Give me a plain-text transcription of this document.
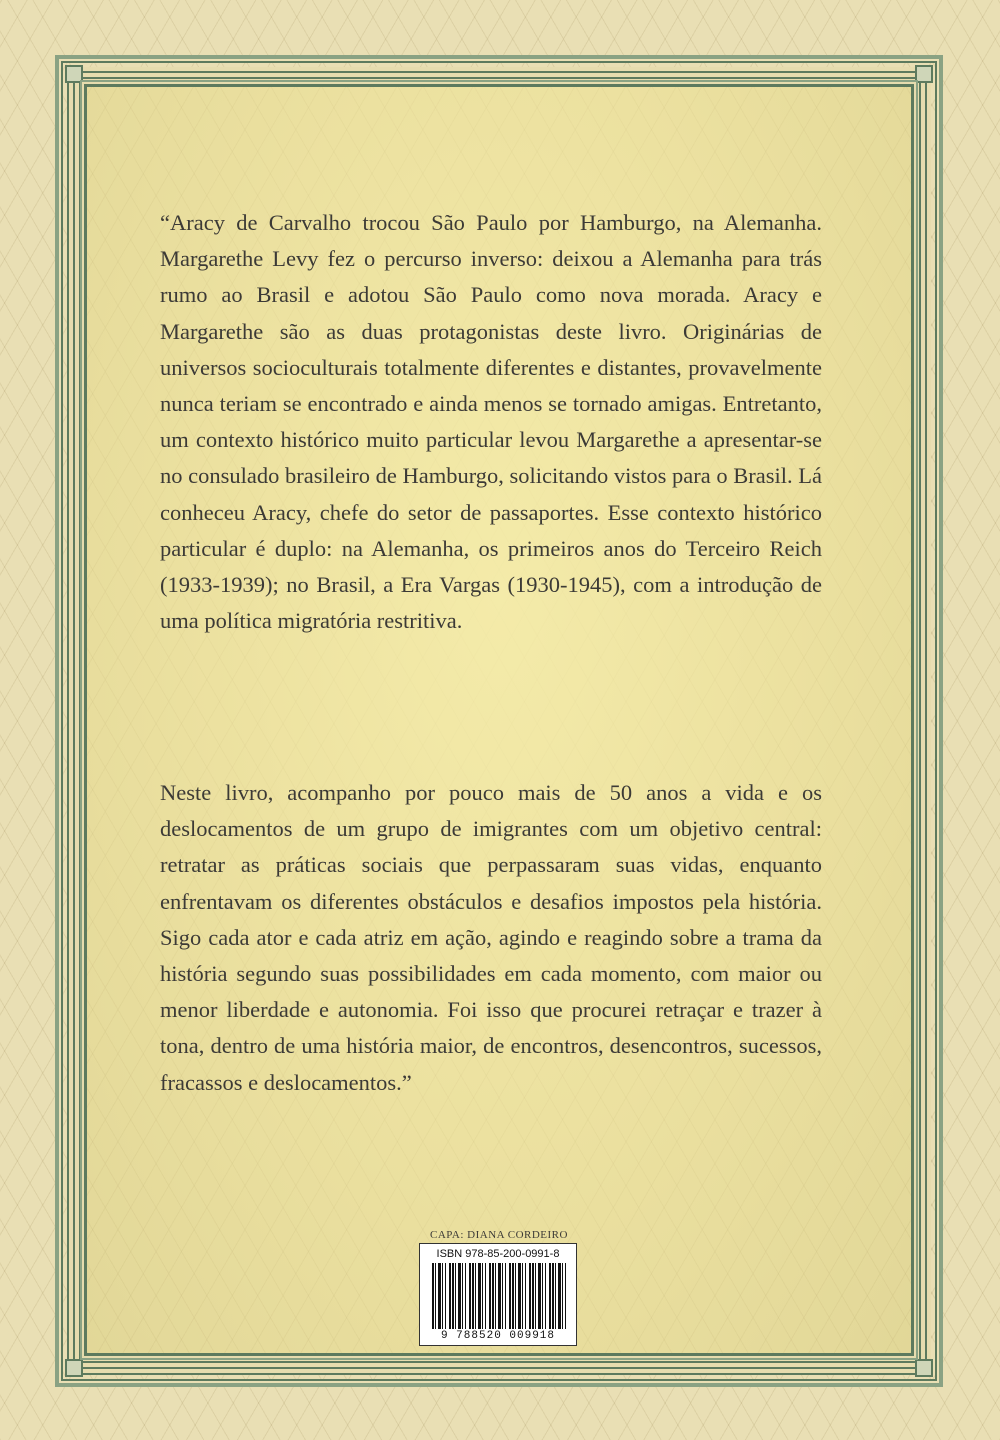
“Aracy de Carvalho trocou São Paulo por Hamburgo, na Alemanha. Margarethe Levy fez o percurso inverso: deixou a Alemanha para trás rumo ao Brasil e adotou São Paulo como nova morada. Aracy e Margarethe são as duas protagonistas deste livro. Originárias de universos socioculturais totalmente diferentes e distantes, provavelmente nunca teriam se encontrado e ainda menos se tornado amigas. Entretanto, um contexto histórico muito particular levou Margarethe a apresentar-se no consulado brasileiro de Hamburgo, solicitando vistos para o Brasil. Lá conheceu Aracy, chefe do setor de passaportes. Esse contexto histórico particular é duplo: na Alemanha, os primeiros anos do Terceiro Reich (1933-1939); no Brasil, a Era Vargas (1930-1945), com a introdução de uma política migratória restritiva.

Neste livro, acompanho por pouco mais de 50 anos a vida e os deslocamentos de um grupo de imigrantes com um objetivo central: retratar as práticas sociais que perpassaram suas vidas, enquanto enfrentavam os diferentes obstáculos e desafios impostos pela história. Sigo cada ator e cada atriz em ação, agindo e reagindo sobre a trama da história segundo suas possibilidades em cada momento, com maior ou menor liberdade e autonomia. Foi isso que procurei retraçar e trazer à tona, dentro de uma história maior, de encontros, desencontros, sucessos, fracassos e deslocamentos.”

CAPA: DIANA CORDEIRO
ISBN 978-85-200-0991-8
9 788520 009918
